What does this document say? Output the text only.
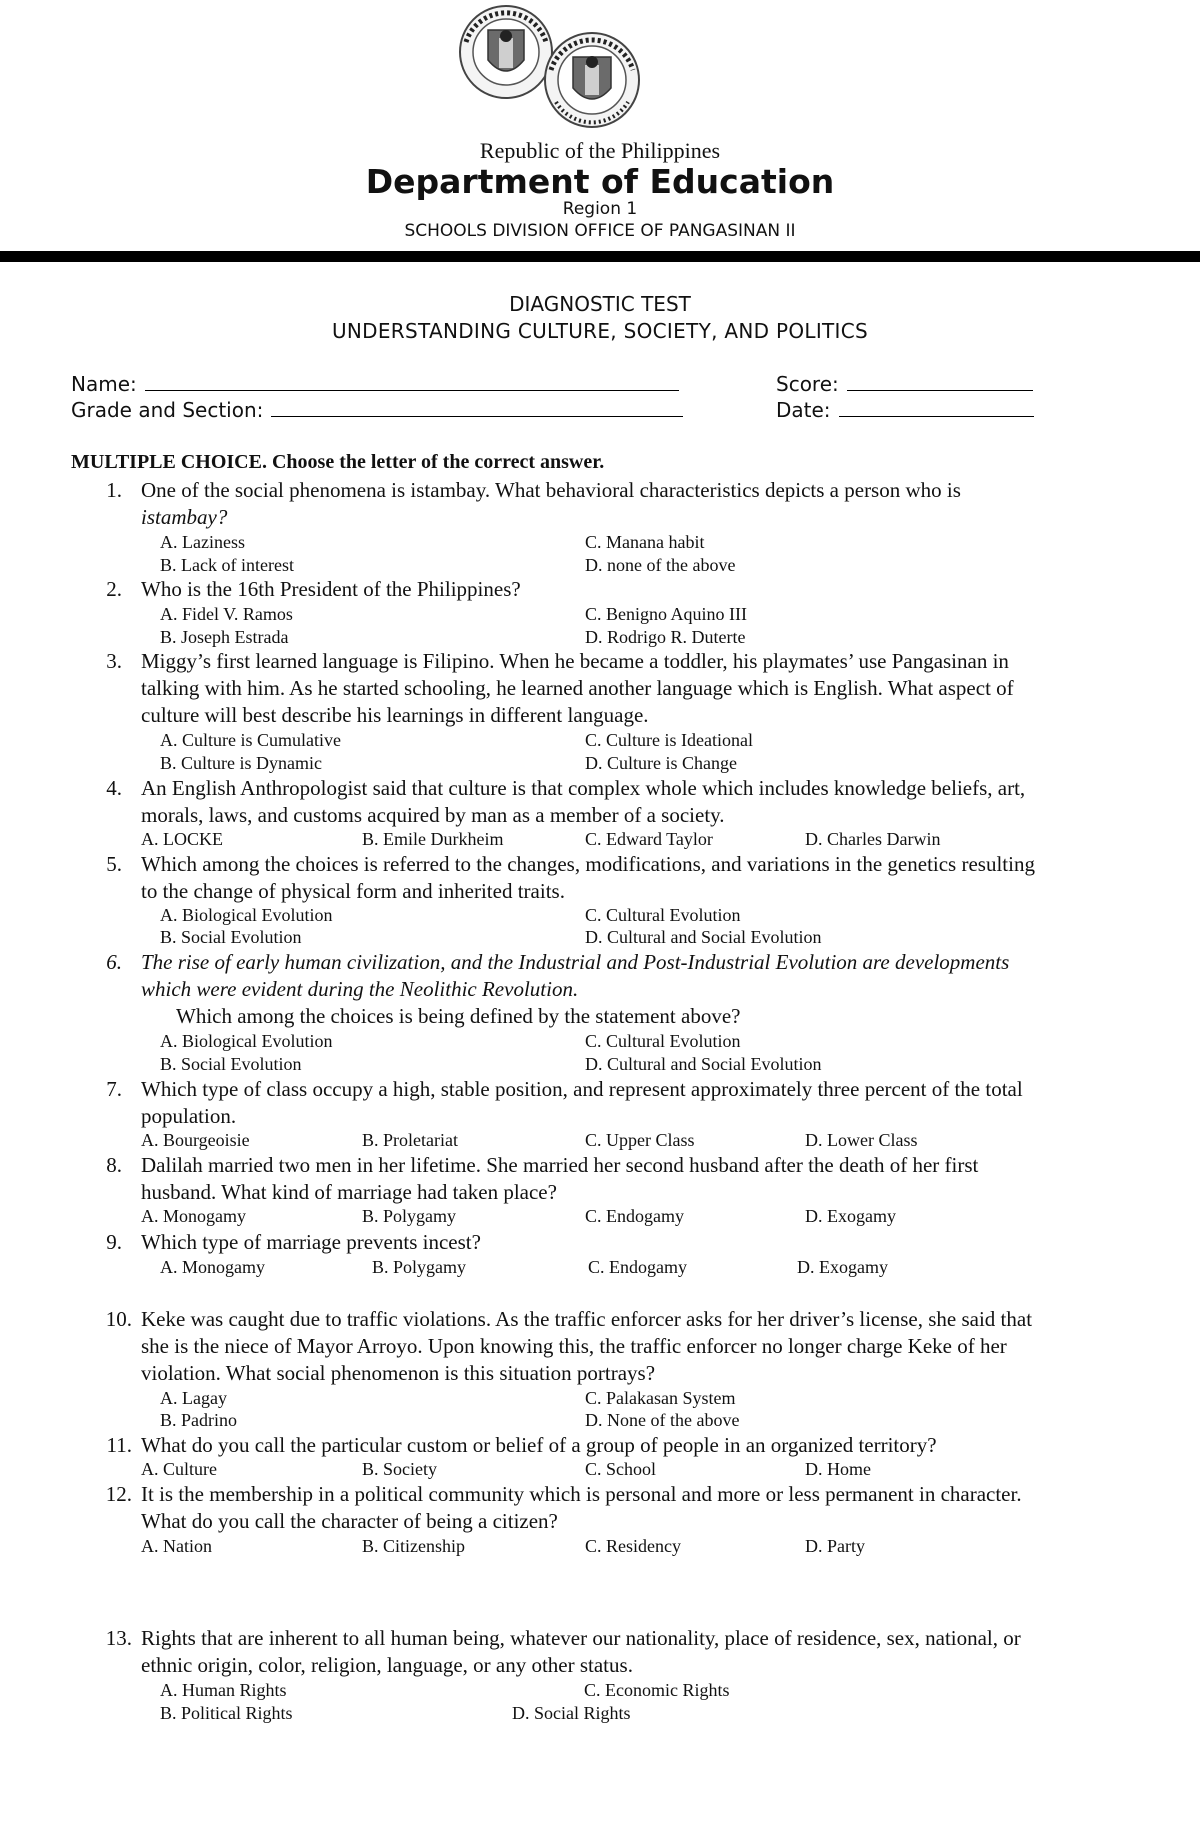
Republic of the Philippines
Department of Education
Region 1
SCHOOLS DIVISION OFFICE OF PANGASINAN II
DIAGNOSTIC TEST
UNDERSTANDING CULTURE, SOCIETY, AND POLITICS
Name:	Score:
Grade and Section:	Date:
MULTIPLE CHOICE. Choose the letter of the correct answer.
1. One of the social phenomena is istambay. What behavioral characteristics depicts a person who is
istambay?
A. Laziness	C. Manana habit
B. Lack of interest	D. none of the above
2. Who is the 16th President of the Philippines?
A. Fidel V. Ramos	C. Benigno Aquino III
B. Joseph Estrada	D. Rodrigo R. Duterte
3. Miggy’s first learned language is Filipino. When he became a toddler, his playmates’ use Pangasinan in
talking with him. As he started schooling, he learned another language which is English. What aspect of
culture will best describe his learnings in different language.
A. Culture is Cumulative	C. Culture is Ideational
B. Culture is Dynamic	D. Culture is Change
4. An English Anthropologist said that culture is that complex whole which includes knowledge beliefs, art,
morals, laws, and customs acquired by man as a member of a society.
A. LOCKE	B. Emile Durkheim	C. Edward Taylor	D. Charles Darwin
5. Which among the choices is referred to the changes, modifications, and variations in the genetics resulting
to the change of physical form and inherited traits.
A. Biological Evolution	C. Cultural Evolution
B. Social Evolution	D. Cultural and Social Evolution
6. The rise of early human civilization, and the Industrial and Post-Industrial Evolution are developments
which were evident during the Neolithic Revolution.
Which among the choices is being defined by the statement above?
A. Biological Evolution	C. Cultural Evolution
B. Social Evolution	D. Cultural and Social Evolution
7. Which type of class occupy a high, stable position, and represent approximately three percent of the total
population.
A. Bourgeoisie	B. Proletariat	C. Upper Class	D. Lower Class
8. Dalilah married two men in her lifetime. She married her second husband after the death of her first
husband. What kind of marriage had taken place?
A. Monogamy	B. Polygamy	C. Endogamy	D. Exogamy
9. Which type of marriage prevents incest?
A. Monogamy	B. Polygamy	C. Endogamy	D. Exogamy
10. Keke was caught due to traffic violations. As the traffic enforcer asks for her driver’s license, she said that
she is the niece of Mayor Arroyo. Upon knowing this, the traffic enforcer no longer charge Keke of her
violation. What social phenomenon is this situation portrays?
A. Lagay	C. Palakasan System
B. Padrino	D. None of the above
11. What do you call the particular custom or belief of a group of people in an organized territory?
A. Culture	B. Society	C. School	D. Home
12. It is the membership in a political community which is personal and more or less permanent in character.
What do you call the character of being a citizen?
A. Nation	B. Citizenship	C. Residency	D. Party
13. Rights that are inherent to all human being, whatever our nationality, place of residence, sex, national, or
ethnic origin, color, religion, language, or any other status.
A. Human Rights	C. Economic Rights
B. Political Rights	D. Social Rights
